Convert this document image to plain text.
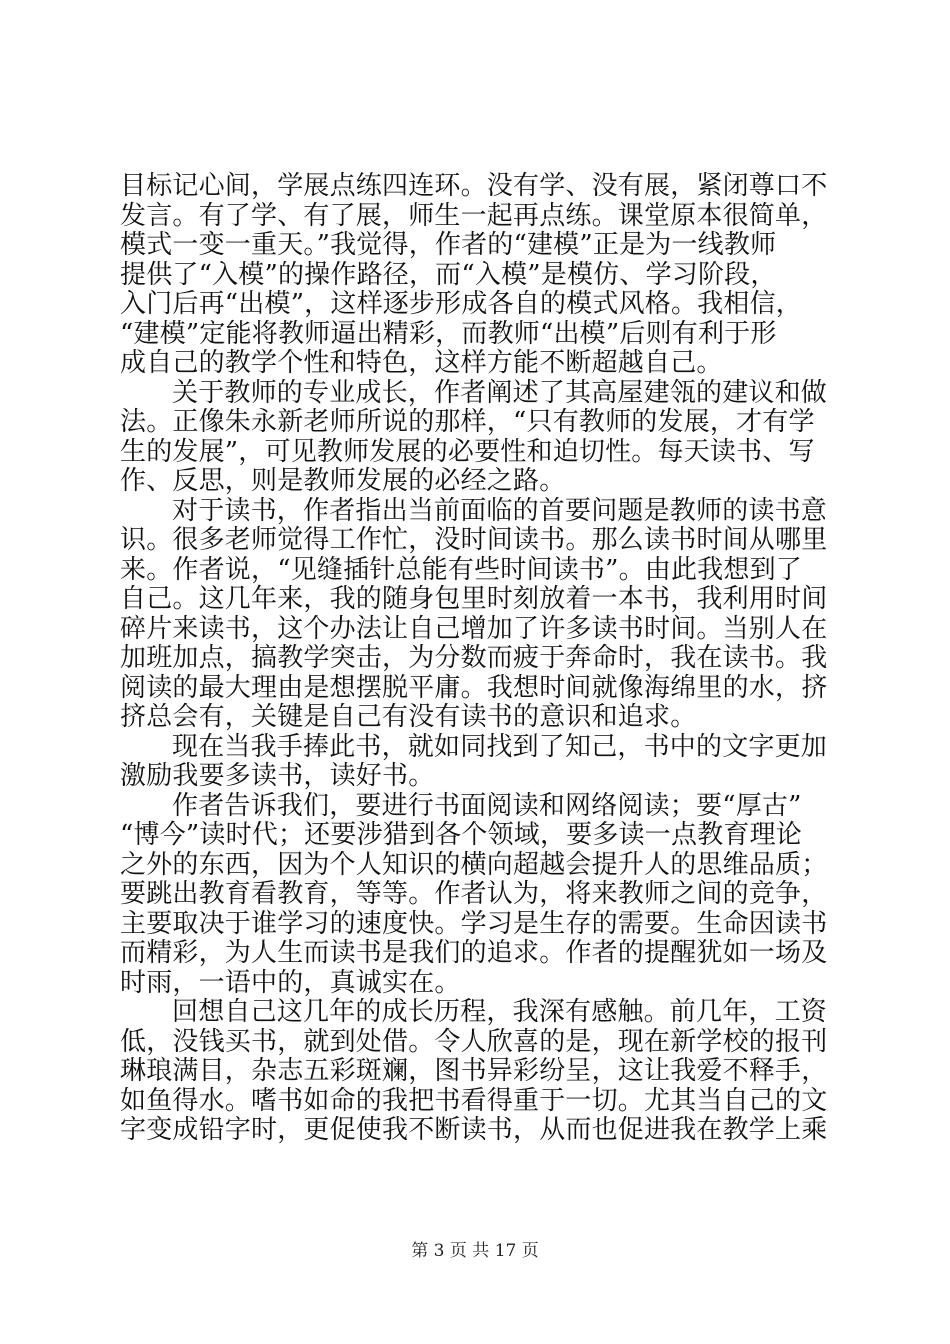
目标记心间，学展点练四连环。没有学、没有展，紧闭尊口不
发言。有了学、有了展，师生一起再点练。课堂原本很简单，
模式一变一重天。”我觉得，作者的“建模”正是为一线教师
提供了“入模”的操作路径，而“入模”是模仿、学习阶段，
入门后再“出模”，这样逐步形成各自的模式风格。我相信，
“建模”定能将教师逼出精彩，而教师“出模”后则有利于形
成自己的教学个性和特色，这样方能不断超越自己。
关于教师的专业成长，作者阐述了其高屋建瓴的建议和做
法。正像朱永新老师所说的那样，“只有教师的发展，才有学
生的发展”，可见教师发展的必要性和迫切性。每天读书、写
作、反思，则是教师发展的必经之路。
对于读书，作者指出当前面临的首要问题是教师的读书意
识。很多老师觉得工作忙，没时间读书。那么读书时间从哪里
来。作者说，“见缝插针总能有些时间读书”。由此我想到了
自己。这几年来，我的随身包里时刻放着一本书，我利用时间
碎片来读书，这个办法让自己增加了许多读书时间。当别人在
加班加点，搞教学突击，为分数而疲于奔命时，我在读书。我
阅读的最大理由是想摆脱平庸。我想时间就像海绵里的水，挤
挤总会有，关键是自己有没有读书的意识和追求。
现在当我手捧此书，就如同找到了知己，书中的文字更加
激励我要多读书，读好书。
作者告诉我们，要进行书面阅读和网络阅读；要“厚古”
“博今”读时代；还要涉猎到各个领域，要多读一点教育理论
之外的东西，因为个人知识的横向超越会提升人的思维品质；
要跳出教育看教育，等等。作者认为，将来教师之间的竞争，
主要取决于谁学习的速度快。学习是生存的需要。生命因读书
而精彩，为人生而读书是我们的追求。作者的提醒犹如一场及
时雨，一语中的，真诚实在。
回想自己这几年的成长历程，我深有感触。前几年，工资
低，没钱买书，就到处借。令人欣喜的是，现在新学校的报刊
琳琅满目，杂志五彩斑斓，图书异彩纷呈，这让我爱不释手，
如鱼得水。嗜书如命的我把书看得重于一切。尤其当自己的文
字变成铅字时，更促使我不断读书，从而也促进我在教学上乘
第 3 页 共 17 页
